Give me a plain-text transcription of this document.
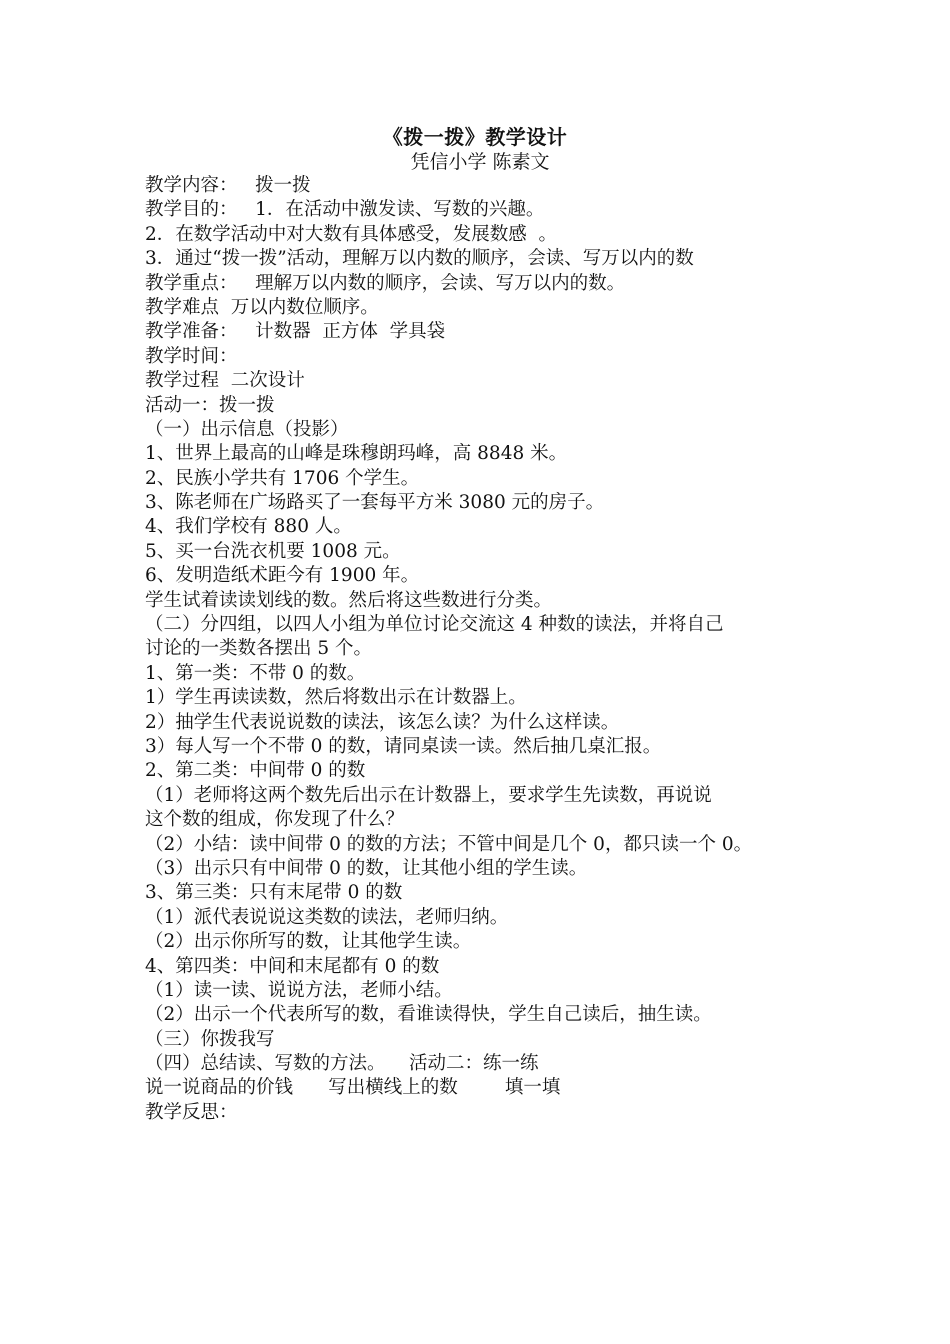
《拨一拨》教学设计
凭信小学 陈素文
教学内容：   拨一拨
教学目的：   1．在活动中激发读、写数的兴趣。
2．在数学活动中对大数有具体感受，发展数感  。
3．通过“拨一拨”活动，理解万以内数的顺序，会读、写万以内的数
教学重点：   理解万以内数的顺序，会读、写万以内的数。
教学难点  万以内数位顺序。
教学准备：   计数器  正方体  学具袋
教学时间：
教学过程  二次设计
活动一：拨一拨
（一）出示信息（投影）
1、世界上最高的山峰是珠穆朗玛峰，高 8848 米。
2、民族小学共有 1706 个学生。
3、陈老师在广场路买了一套每平方米 3080 元的房子。
4、我们学校有 880 人。
5、买一台洗衣机要 1008 元。
6、发明造纸术距今有 1900 年。
学生试着读读划线的数。然后将这些数进行分类。
（二）分四组，以四人小组为单位讨论交流这 4 种数的读法，并将自己
讨论的一类数各摆出 5 个。
1、第一类：不带 0 的数。
1）学生再读读数，然后将数出示在计数器上。
2）抽学生代表说说数的读法，该怎么读？为什么这样读。
3）每人写一个不带 0 的数，请同桌读一读。然后抽几桌汇报。
2、第二类：中间带 0 的数
（1）老师将这两个数先后出示在计数器上，要求学生先读数，再说说
这个数的组成，你发现了什么？
（2）小结：读中间带 0 的数的方法；不管中间是几个 0，都只读一个 0。
（3）出示只有中间带 0 的数，让其他小组的学生读。
3、第三类：只有末尾带 0 的数
（1）派代表说说这类数的读法，老师归纳。
（2）出示你所写的数，让其他学生读。
4、第四类：中间和末尾都有 0 的数
（1）读一读、说说方法，老师小结。
（2）出示一个代表所写的数，看谁读得快，学生自己读后，抽生读。
（三）你拨我写
（四）总结读、写数的方法。    活动二：练一练
说一说商品的价钱      写出横线上的数        填一填
教学反思：
